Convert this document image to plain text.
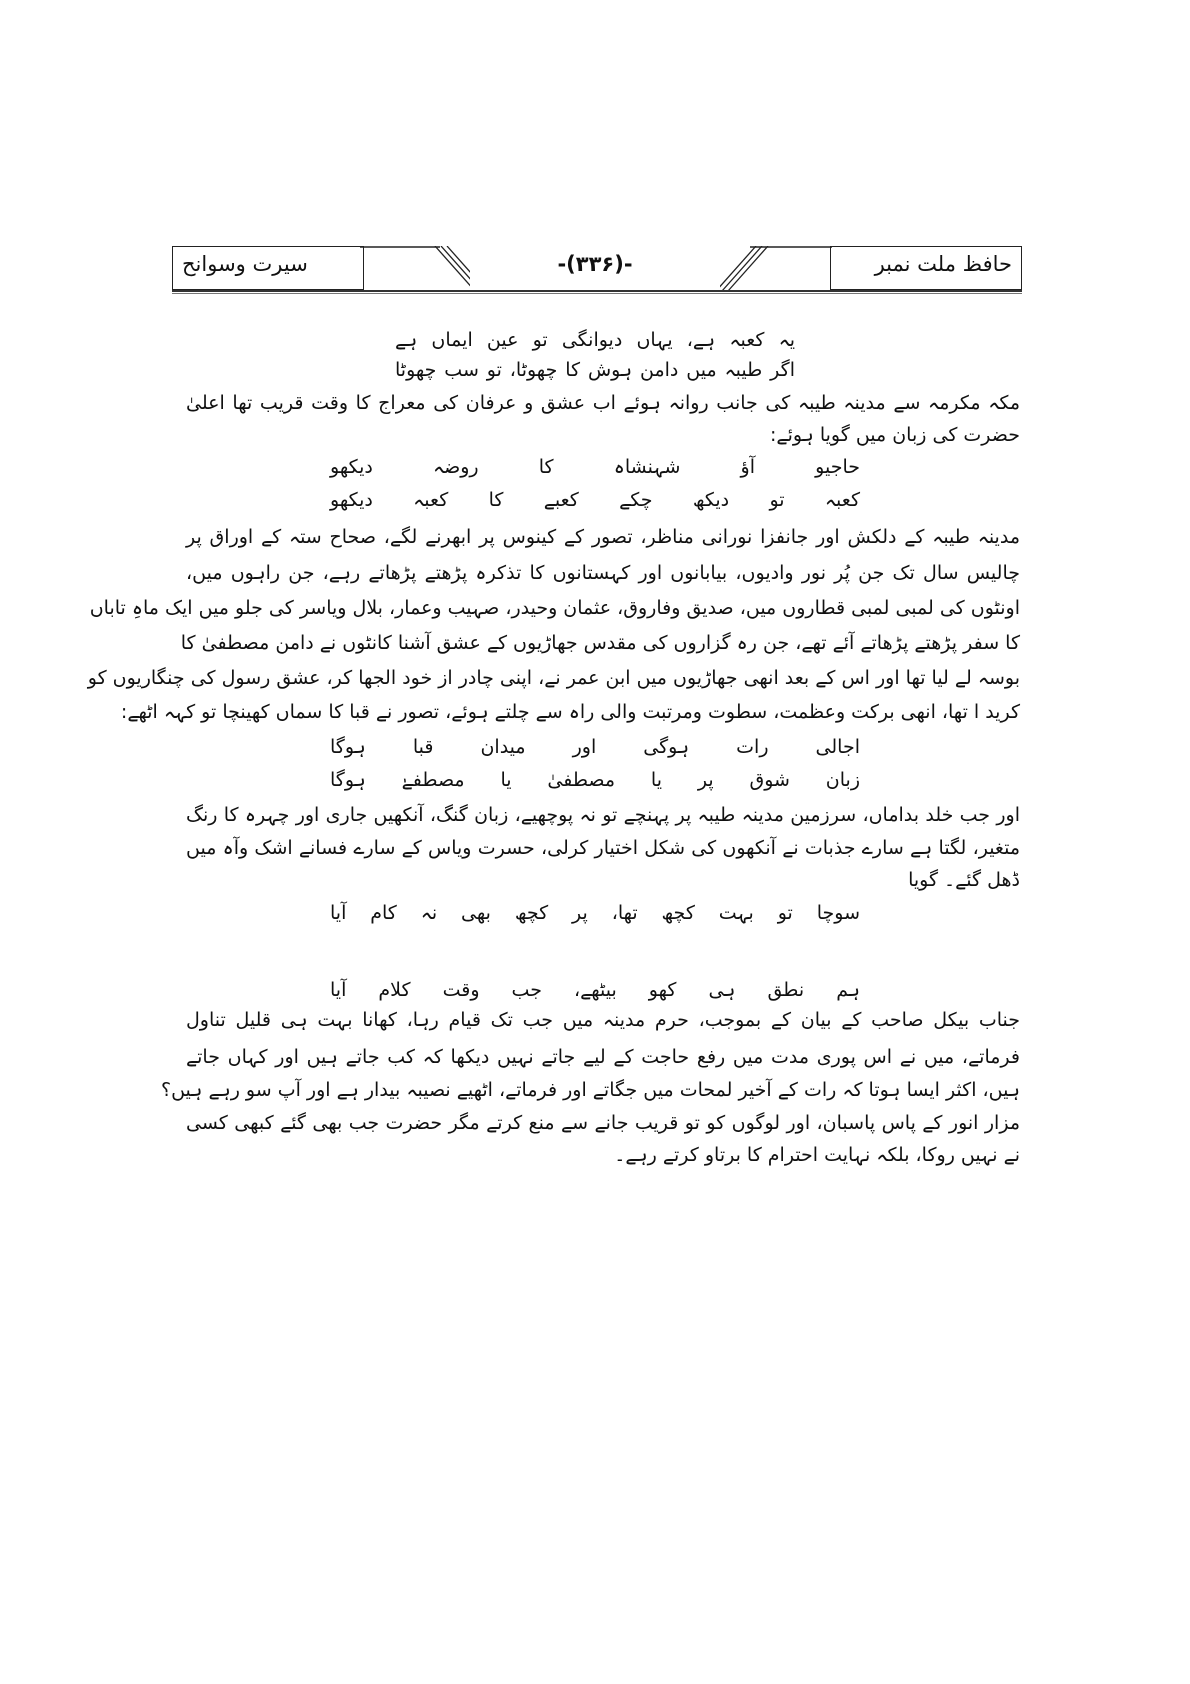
سیرت وسوانح	-(۳۳۶)-	حافظ ملت نمبر
یہ کعبہ ہے، یہاں دیوانگی تو عین ایماں ہے
اگر طیبہ میں دامن ہوش کا چھوٹا، تو سب چھوٹا
مکہ مکرمہ سے مدینہ طیبہ کی جانب روانہ ہوئے اب عشق و عرفان کی معراج کا وقت قریب تھا اعلیٰ
حضرت کی زبان میں گویا ہوئے:
حاجیو آؤ شہنشاہ کا روضہ دیکھو
کعبہ تو دیکھ چکے کعبے کا کعبہ دیکھو
مدینہ طیبہ کے دلکش اور جانفزا نورانی مناظر، تصور کے کینوس پر ابھرنے لگے، صحاح ستہ کے اوراق پر
چالیس سال تک جن پُر نور وادیوں، بیابانوں اور کہستانوں کا تذکرہ پڑھتے پڑھاتے رہے، جن راہوں میں،
اونٹوں کی لمبی لمبی قطاروں میں، صدیق وفاروق، عثمان وحیدر، صہیب وعمار، بلال ویاسر کی جلو میں ایک ماہِ تاباں
کا سفر پڑھتے پڑھاتے آئے تھے، جن رہ گزاروں کی مقدس جھاڑیوں کے عشق آشنا کانٹوں نے دامن مصطفیٰ کا
بوسہ لے لیا تھا اور اس کے بعد انھی جھاڑیوں میں ابن عمر نے، اپنی چادر از خود الجھا کر، عشق رسول کی چنگاریوں کو
کرید ا تھا، انھی برکت وعظمت، سطوت ومرتبت والی راہ سے چلتے ہوئے، تصور نے قبا کا سماں کھینچا تو کہہ اٹھے:
اجالی رات ہوگی اور میدان قبا ہوگا
زبان شوق پر یا مصطفیٰ یا مصطفےٰ ہوگا
اور جب خلد بداماں، سرزمین مدینہ طیبہ پر پہنچے تو نہ پوچھیے، زبان گنگ، آنکھیں جاری اور چہرہ کا رنگ
متغیر، لگتا ہے سارے جذبات نے آنکھوں کی شکل اختیار کرلی، حسرت ویاس کے سارے فسانے اشک وآہ میں
ڈھل گئے۔ گویا
سوچا تو بہت کچھ تھا، پر کچھ بھی نہ کام آیا
ہم نطق ہی کھو بیٹھے، جب وقت کلام آیا
جناب بیکل صاحب کے بیان کے بموجب، حرم مدینہ میں جب تک قیام رہا، کھانا بہت ہی قلیل تناول
فرماتے، میں نے اس پوری مدت میں رفع حاجت کے لیے جاتے نہیں دیکھا کہ کب جاتے ہیں اور کہاں جاتے
ہیں، اکثر ایسا ہوتا کہ رات کے آخیر لمحات میں جگاتے اور فرماتے، اٹھیے نصیبہ بیدار ہے اور آپ سو رہے ہیں؟
مزار انور کے پاس پاسبان، اور لوگوں کو تو قریب جانے سے منع کرتے مگر حضرت جب بھی گئے کبھی کسی
نے نہیں روکا، بلکہ نہایت احترام کا برتاو کرتے رہے۔
